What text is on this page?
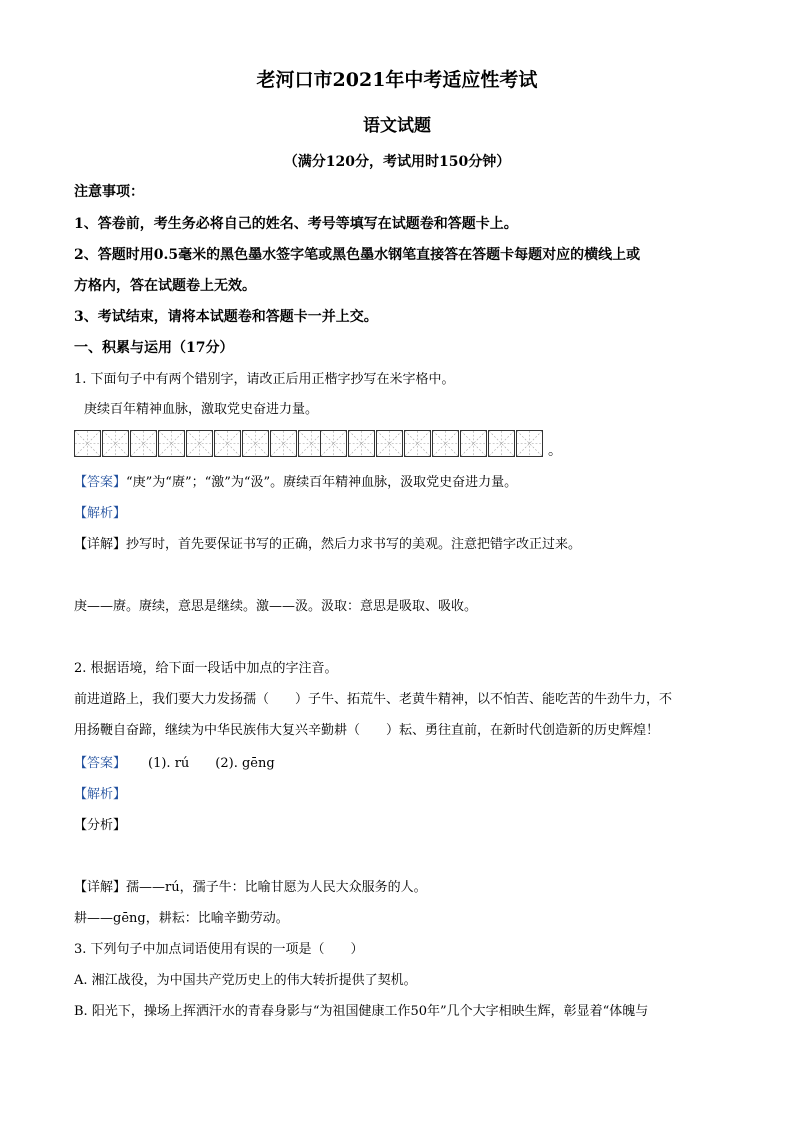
老河口市2021年中考适应性考试
语文试题
（满分120分，考试用时150分钟）
注意事项：
1、答卷前，考生务必将自己的姓名、考号等填写在试题卷和答题卡上。
2、答题时用0.5毫米的黑色墨水签字笔或黑色墨水钢笔直接答在答题卡每题对应的横线上或
方格内，答在试题卷上无效。
3、考试结束，请将本试题卷和答题卡一并上交。
一、积累与运用（17分）
1. 下面句子中有两个错别字，请改正后用正楷字抄写在米字格中。
庚续百年精神血脉，激取党史奋进力量。
。
【答案】“庚”为“赓”；“激”为“汲”。赓续百年精神血脉，汲取党史奋进力量。
【解析】
【详解】抄写时，首先要保证书写的正确，然后力求书写的美观。注意把错字改正过来。
庚——赓。赓续，意思是继续。激——汲。汲取：意思是吸取、吸收。
2. 根据语境，给下面一段话中加点的字注音。
前进道路上，我们要大力发扬孺（　　）子牛、拓荒牛、老黄牛精神，以不怕苦、能吃苦的牛劲牛力，不
用扬鞭自奋蹄，继续为中华民族伟大复兴辛勤耕（　　）耘、勇往直前，在新时代创造新的历史辉煌！
【答案】 (1). rú　　(2). gēng
【解析】
【分析】
【详解】孺——rú，孺子牛：比喻甘愿为人民大众服务的人。
耕——gēng，耕耘：比喻辛勤劳动。
3. 下列句子中加点词语使用有误的一项是（　　）
A. 湘江战役，为中国共产党历史上的伟大转折提供了契机。
B. 阳光下，操场上挥洒汗水的青春身影与“为祖国健康工作50年”几个大字相映生辉，彰显着“体魄与
